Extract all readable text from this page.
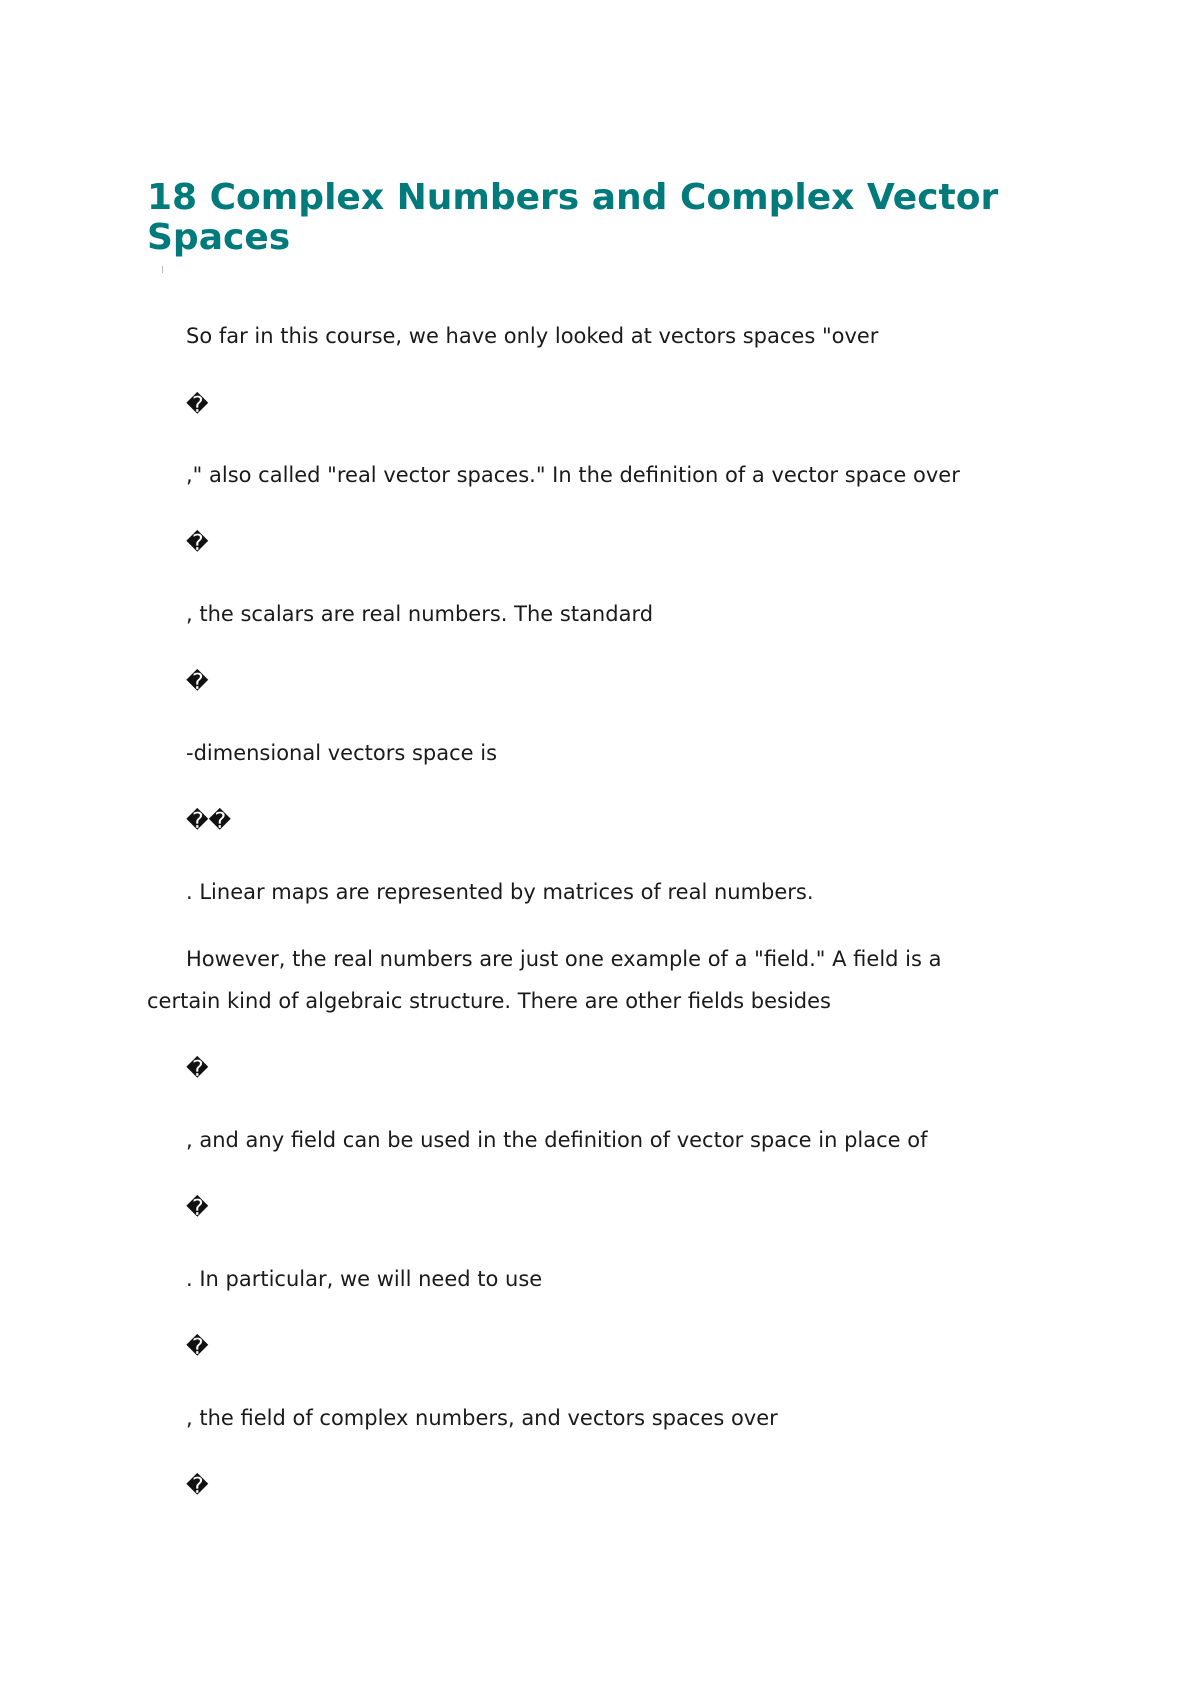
18 Complex Numbers and Complex Vector Spaces

So far in this course, we have only looked at vectors spaces "over

�

," also called "real vector spaces." In the definition of a vector space over

�

, the scalars are real numbers. The standard

�

-dimensional vectors space is

��

. Linear maps are represented by matrices of real numbers.

However, the real numbers are just one example of a "field." A field is a

certain kind of algebraic structure. There are other fields besides

�

, and any field can be used in the definition of vector space in place of

�

. In particular, we will need to use

�

, the field of complex numbers, and vectors spaces over

�
